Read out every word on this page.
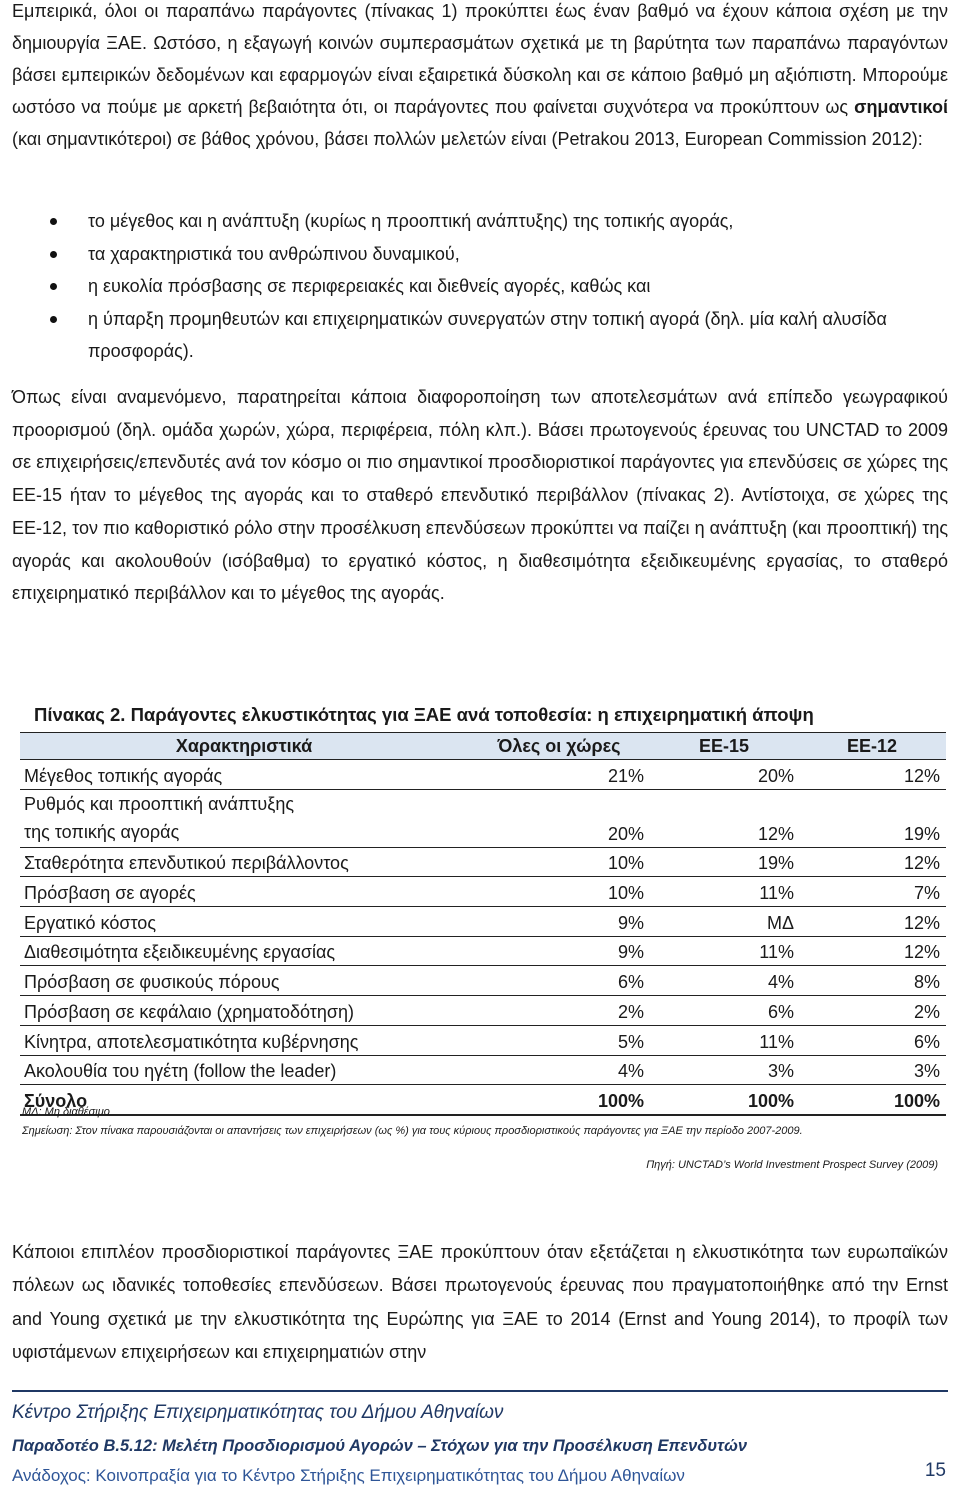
Εμπειρικά, όλοι οι παραπάνω παράγοντες (πίνακας 1) προκύπτει έως έναν βαθμό να έχουν κάποια σχέση με την δημιουργία ΞΑΕ. Ωστόσο, η εξαγωγή κοινών συμπερασμάτων σχετικά με τη βαρύτητα των παραπάνω παραγόντων βάσει εμπειρικών δεδομένων και εφαρμογών είναι εξαιρετικά δύσκολη και σε κάποιο βαθμό μη αξιόπιστη. Μπορούμε ωστόσο να πούμε με αρκετή βεβαιότητα ότι, οι παράγοντες που φαίνεται συχνότερα να προκύπτουν ως σημαντικοί (και σημαντικότεροι) σε βάθος χρόνου, βάσει πολλών μελετών είναι (Petrakou 2013, European Commission 2012):

το μέγεθος και η ανάπτυξη (κυρίως η προοπτική ανάπτυξης) της τοπικής αγοράς,
τα χαρακτηριστικά του ανθρώπινου δυναμικού,
η ευκολία πρόσβασης σε περιφερειακές και διεθνείς αγορές, καθώς και
η ύπαρξη προμηθευτών και επιχειρηματικών συνεργατών στην τοπική αγορά (δηλ. μία καλή αλυσίδα προσφοράς).

Όπως είναι αναμενόμενο, παρατηρείται κάποια διαφοροποίηση των αποτελεσμάτων ανά επίπεδο γεωγραφικού προορισμού (δηλ. ομάδα χωρών, χώρα, περιφέρεια, πόλη κλπ.). Βάσει πρωτογενούς έρευνας του UNCTAD το 2009 σε επιχειρήσεις/επενδυτές ανά τον κόσμο οι πιο σημαντικοί προσδιοριστικοί παράγοντες για επενδύσεις σε χώρες της ΕΕ-15 ήταν το μέγεθος της αγοράς και το σταθερό επενδυτικό περιβάλλον (πίνακας 2). Αντίστοιχα, σε χώρες της ΕΕ-12, τον πιο καθοριστικό ρόλο στην προσέλκυση επενδύσεων προκύπτει να παίζει η ανάπτυξη (και προοπτική) της αγοράς και ακολουθούν (ισόβαθμα) το εργατικό κόστος, η διαθεσιμότητα εξειδικευμένης εργασίας, το σταθερό επιχειρηματικό περιβάλλον και το μέγεθος της αγοράς.

Πίνακας 2. Παράγοντες ελκυστικότητας για ΞΑΕ ανά τοποθεσία: η επιχειρηματική άποψη
Χαρακτηριστικά	Όλες οι χώρες	ΕΕ-15	ΕΕ-12
Μέγεθος τοπικής αγοράς	21%	20%	12%
Ρυθμός και προοπτική ανάπτυξης της τοπικής αγοράς	20%	12%	19%
Σταθερότητα επενδυτικού περιβάλλοντος	10%	19%	12%
Πρόσβαση σε αγορές	10%	11%	7%
Εργατικό κόστος	9%	ΜΔ	12%
Διαθεσιμότητα εξειδικευμένης εργασίας	9%	11%	12%
Πρόσβαση σε φυσικούς πόρους	6%	4%	8%
Πρόσβαση σε κεφάλαιο (χρηματοδότηση)	2%	6%	2%
Κίνητρα, αποτελεσματικότητα κυβέρνησης	5%	11%	6%
Ακολουθία του ηγέτη (follow the leader)	4%	3%	3%
Σύνολο	100%	100%	100%
ΜΔ: Μη διαθέσιμο
Σημείωση: Στον πίνακα παρουσιάζονται οι απαντήσεις των επιχειρήσεων (ως %) για τους κύριους προσδιοριστικούς παράγοντες για ΞΑΕ την περίοδο 2007-2009.
Πηγή: UNCTAD’s World Investment Prospect Survey (2009)

Κάποιοι επιπλέον προσδιοριστικοί παράγοντες ΞΑΕ προκύπτουν όταν εξετάζεται η ελκυστικότητα των ευρωπαϊκών πόλεων ως ιδανικές τοποθεσίες επενδύσεων. Βάσει πρωτογενούς έρευνας που πραγματοποιήθηκε από την Ernst and Young σχετικά με την ελκυστικότητα της Ευρώπης για ΞΑΕ το 2014 (Ernst and Young 2014), το προφίλ των υφιστάμενων επιχειρήσεων και επιχειρηματιών στην

Κέντρο Στήριξης Επιχειρηματικότητας του Δήμου Αθηναίων
Παραδοτέο Β.5.12: Μελέτη Προσδιορισμού Αγορών – Στόχων για την Προσέλκυση Επενδυτών
Ανάδοχος: Κοινοπραξία για το Κέντρο Στήριξης Επιχειρηματικότητας του Δήμου Αθηναίων	15
